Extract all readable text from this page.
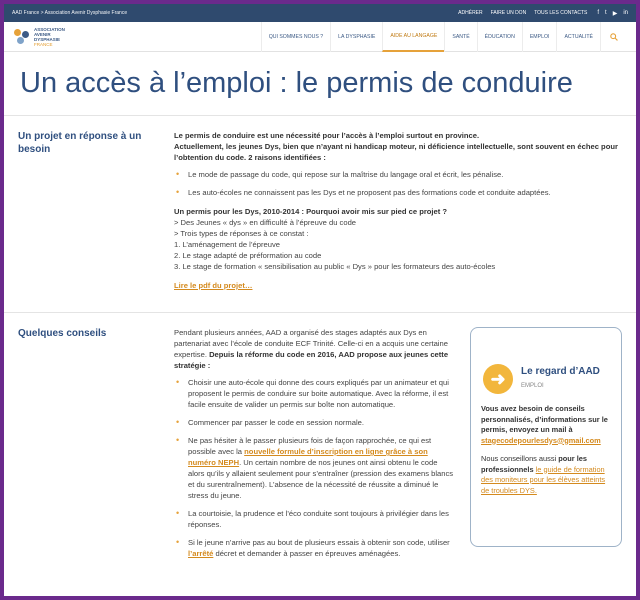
AAD France > Association Avenir Dysphasie France	ADHÉRER FAIRE UN DON TOUS LES CONTACTS f t ▶ in
ASSOCIATION
AVENIR
DYSPHASIE
FRANCE
QUI SOMMES NOUS ?	LA DYSPHASIE	AIDE AU LANGAGE	SANTÉ	ÉDUCATION	EMPLOI	ACTUALITÉ
Un accès à l’emploi : le permis de conduire
Un projet en réponse à un besoin
Le permis de conduire est une nécessité pour l’accès à l’emploi surtout en province.
Actuellement, les jeunes Dys, bien que n’ayant ni handicap moteur, ni déficience intellectuelle, sont souvent en échec pour l’obtention du code. 2 raisons identifiées :
• Le mode de passage du code, qui repose sur la maîtrise du langage oral et écrit, les pénalise.
• Les auto-écoles ne connaissent pas les Dys et ne proposent pas des formations code et conduite adaptées.
Un permis pour les Dys, 2010-2014 : Pourquoi avoir mis sur pied ce projet ?
> Des Jeunes « dys » en difficulté à l’épreuve du code
> Trois types de réponses à ce constat :
1. L’aménagement de l’épreuve
2. Le stage adapté de préformation au code
3. Le stage de formation « sensibilisation au public « Dys » pour les formateurs des auto-écoles
Lire le pdf du projet…
Quelques conseils	Pendant plusieurs années, AAD a organisé des stages adaptés aux Dys en partenariat avec l’école de conduite ECF Trinité. Celle-ci en a acquis une certaine expertise. Depuis la réforme du code en 2016, AAD propose aux jeunes cette stratégie :

• Choisir une auto-école qui donne des cours expliqués par un animateur et qui proposent le permis de conduire sur boite automatique. Avec la réforme, il est facile ensuite de valider un permis sur boîte non automatique.
• Commencer par passer le code en session normale.
• Ne pas hésiter à le passer plusieurs fois de façon rapprochée, ce qui est possible avec la nouvelle formule d’inscription en ligne grâce à son numéro NEPH. Un certain nombre de nos jeunes ont ainsi obtenu le code alors qu’ils y allaient seulement pour s’entraîner (pression des examens blancs et du surentraînement). L’absence de la nécessité de réussite a diminué le stress du jeune.
• La courtoisie, la prudence et l’éco conduite sont toujours à privilégier dans les réponses.
• Si le jeune n’arrive pas au bout de plusieurs essais à obtenir son code, utiliser l’arrêté décret et demander à passer en épreuves aménagées.
➜	Le regard d’AAD
EMPLOI

Vous avez besoin de conseils personnalisés, d’informations sur le permis, envoyez un mail à stagecodepourlesdys@gmail.com

Nous conseillons aussi pour les professionnels le guide de formation des moniteurs pour les élèves atteints de troubles DYS.
